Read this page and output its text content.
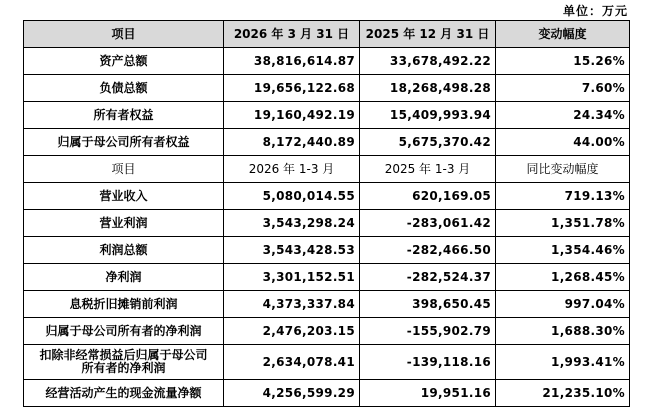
单位：万元
项目	2026 年 3 月 31 日	2025 年 12 月 31 日	变动幅度
资产总额	38,816,614.87	33,678,492.22	15.26%
负债总额	19,656,122.68	18,268,498.28	7.60%
所有者权益	19,160,492.19	15,409,993.94	24.34%
归属于母公司所有者权益	8,172,440.89	5,675,370.42	44.00%
项目	2026 年 1-3 月	2025 年 1-3 月	同比变动幅度
营业收入	5,080,014.55	620,169.05	719.13%
营业利润	3,543,298.24	-283,061.42	1,351.78%
利润总额	3,543,428.53	-282,466.50	1,354.46%
净利润	3,301,152.51	-282,524.37	1,268.45%
息税折旧摊销前利润	4,373,337.84	398,650.45	997.04%
归属于母公司所有者的净利润	2,476,203.15	-155,902.79	1,688.30%
扣除非经常损益后归属于母公司
所有者的净利润	2,634,078.41	-139,118.16	1,993.41%
经营活动产生的现金流量净额	4,256,599.29	19,951.16	21,235.10%
